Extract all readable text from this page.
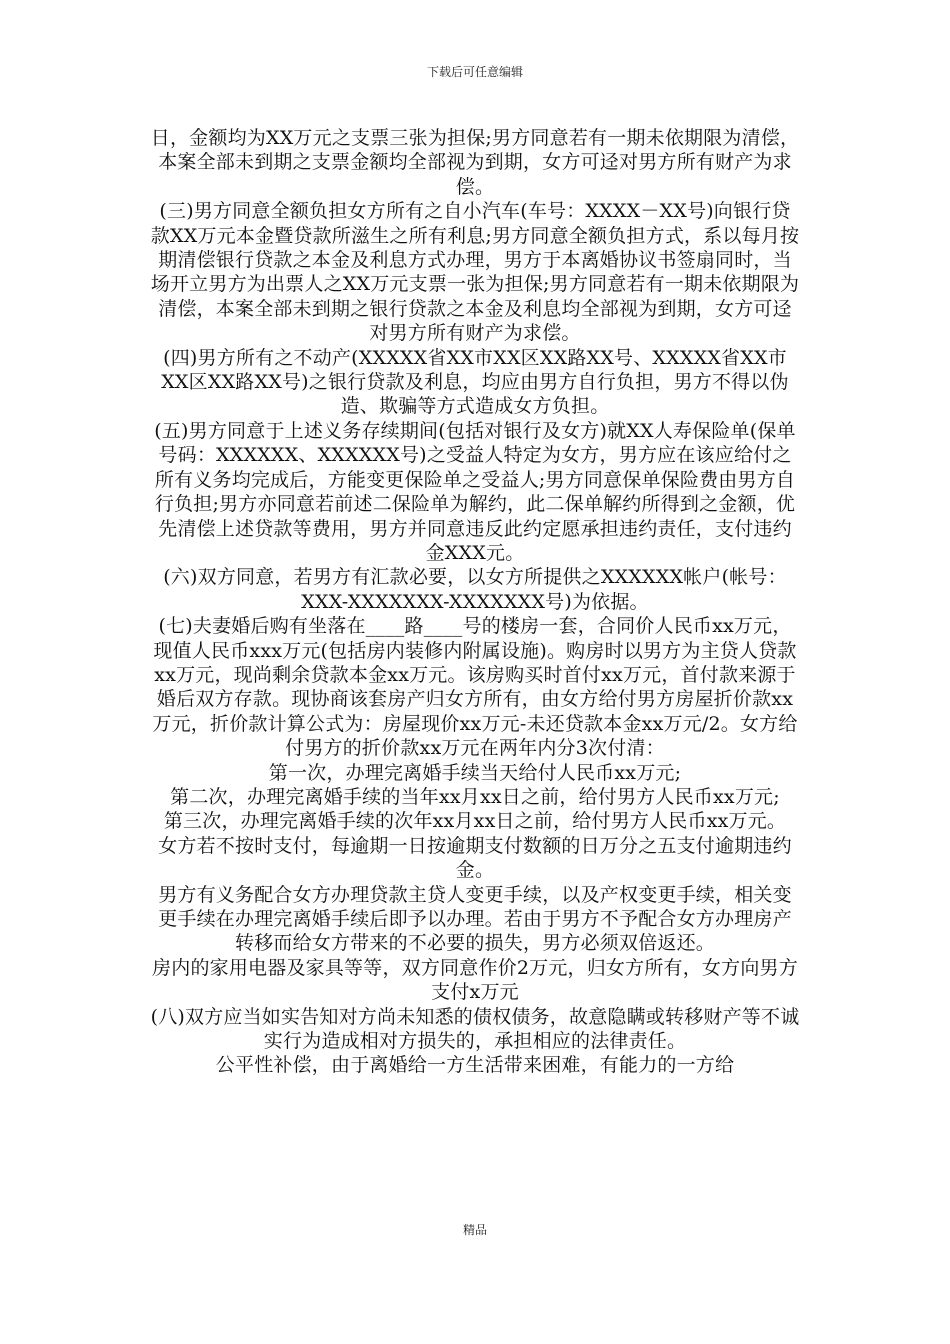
下载后可任意编辑

日，金额均为XX万元之支票三张为担保;男方同意若有一期未依期限为清偿，本案全部未到期之支票金额均全部视为到期，女方可迳对男方所有财产为求偿。

(三)男方同意全额负担女方所有之自小汽车(车号：XXXX－XX号)向银行贷款XX万元本金暨贷款所滋生之所有利息;男方同意全额负担方式，系以每月按期清偿银行贷款之本金及利息方式办理，男方于本离婚协议书签扇同时，当场开立男方为出票人之XX万元支票一张为担保;男方同意若有一期未依期限为清偿，本案全部未到期之银行贷款之本金及利息均全部视为到期，女方可迳对男方所有财产为求偿。

(四)男方所有之不动产(XXXXX省XX市XX区XX路XX号、XXXXX省XX市XX区XX路XX号)之银行贷款及利息，均应由男方自行负担，男方不得以伪造、欺骗等方式造成女方负担。

(五)男方同意于上述义务存续期间(包括对银行及女方)就XX人寿保险单(保单号码：XXXXXX、XXXXXX号)之受益人特定为女方，男方应在该应给付之所有义务均完成后，方能变更保险单之受益人;男方同意保单保险费由男方自行负担;男方亦同意若前述二保险单为解约，此二保单解约所得到之金额，优先清偿上述贷款等费用，男方并同意违反此约定愿承担违约责任，支付违约金XXX元。

(六)双方同意，若男方有汇款必要，以女方所提供之XXXXXX帐户(帐号：XXX-XXXXXXX-XXXXXXX号)为依据。

(七)夫妻婚后购有坐落在____路____号的楼房一套，合同价人民币xx万元，现值人民币xxx万元(包括房内装修内附属设施)。购房时以男方为主贷人贷款xx万元，现尚剩余贷款本金xx万元。该房购买时首付xx万元，首付款来源于婚后双方存款。现协商该套房产归女方所有，由女方给付男方房屋折价款xx万元，折价款计算公式为：房屋现价xx万元-未还贷款本金xx万元/2。女方给付男方的折价款xx万元在两年内分3次付清：

第一次，办理完离婚手续当天给付人民币xx万元;

第二次，办理完离婚手续的当年xx月xx日之前，给付男方人民币xx万元;

第三次，办理完离婚手续的次年xx月xx日之前，给付男方人民币xx万元。

女方若不按时支付，每逾期一日按逾期支付数额的日万分之五支付逾期违约金。

男方有义务配合女方办理贷款主贷人变更手续，以及产权变更手续，相关变更手续在办理完离婚手续后即予以办理。若由于男方不予配合女方办理房产转移而给女方带来的不必要的损失，男方必须双倍返还。

房内的家用电器及家具等等，双方同意作价2万元，归女方所有，女方向男方支付x万元

(八)双方应当如实告知对方尚未知悉的债权债务，故意隐瞒或转移财产等不诚实行为造成相对方损失的，承担相应的法律责任。

公平性补偿，由于离婚给一方生活带来困难，有能力的一方给

精品
